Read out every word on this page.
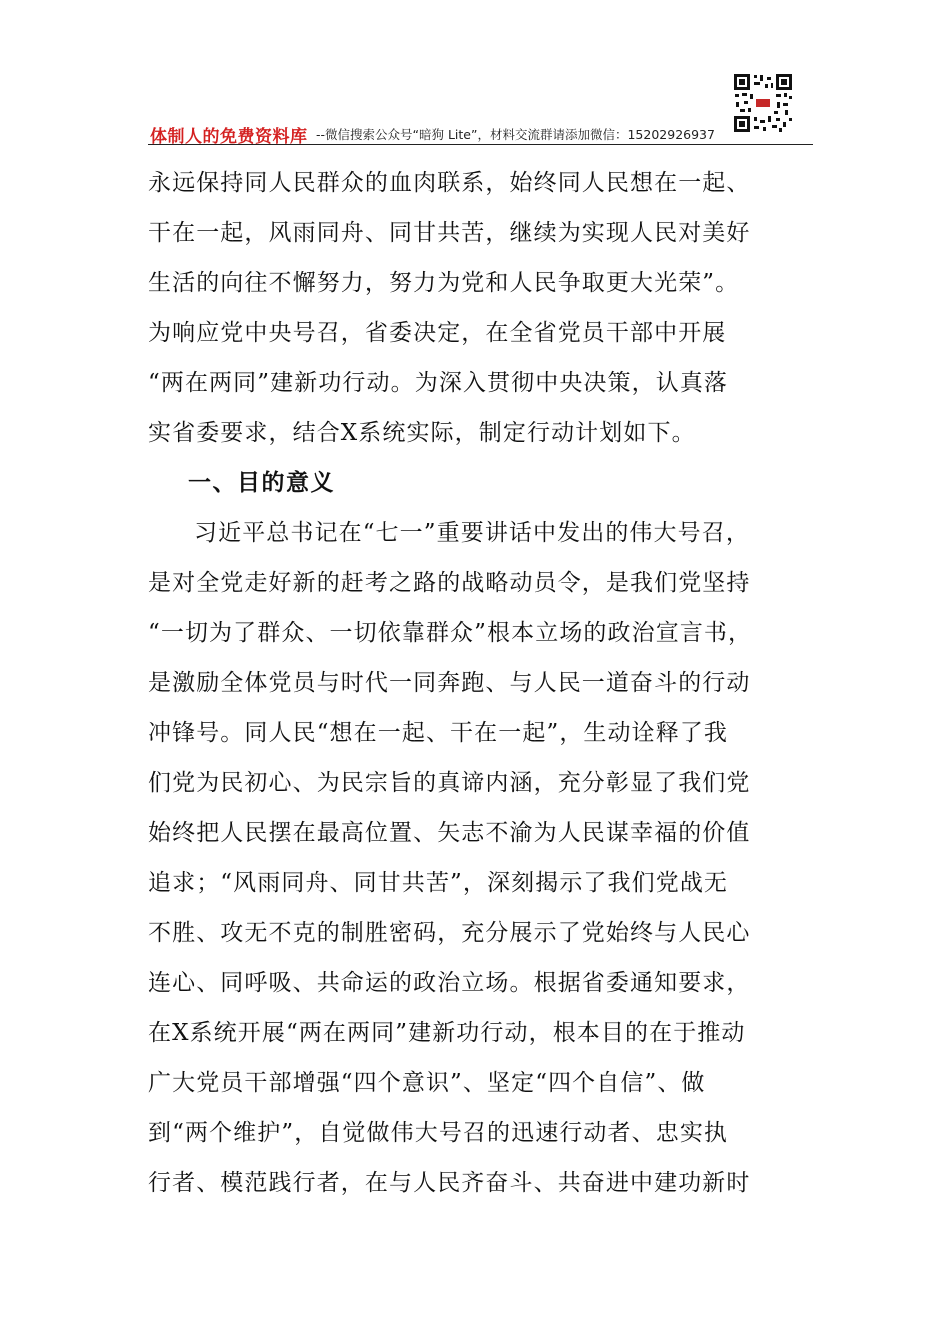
体制人的免费资料库 --微信搜索公众号“暗狗 Lite”，材料交流群请添加微信：15202926937
永远保持同人民群众的血肉联系，始终同人民想在一起、
干在一起，风雨同舟、同甘共苦，继续为实现人民对美好
生活的向往不懈努力，努力为党和人民争取更大光荣”。
为响应党中央号召，省委决定，在全省党员干部中开展
“两在两同”建新功行动。为深入贯彻中央决策，认真落
实省委要求，结合X系统实际，制定行动计划如下。
一、目的意义
习近平总书记在“七一”重要讲话中发出的伟大号召，
是对全党走好新的赶考之路的战略动员令，是我们党坚持
“一切为了群众、一切依靠群众”根本立场的政治宣言书，
是激励全体党员与时代一同奔跑、与人民一道奋斗的行动
冲锋号。同人民“想在一起、干在一起”，生动诠释了我
们党为民初心、为民宗旨的真谛内涵，充分彰显了我们党
始终把人民摆在最高位置、矢志不渝为人民谋幸福的价值
追求；“风雨同舟、同甘共苦”，深刻揭示了我们党战无
不胜、攻无不克的制胜密码，充分展示了党始终与人民心
连心、同呼吸、共命运的政治立场。根据省委通知要求，
在X系统开展“两在两同”建新功行动，根本目的在于推动
广大党员干部增强“四个意识”、坚定“四个自信”、做
到“两个维护”，自觉做伟大号召的迅速行动者、忠实执
行者、模范践行者，在与人民齐奋斗、共奋进中建功新时
